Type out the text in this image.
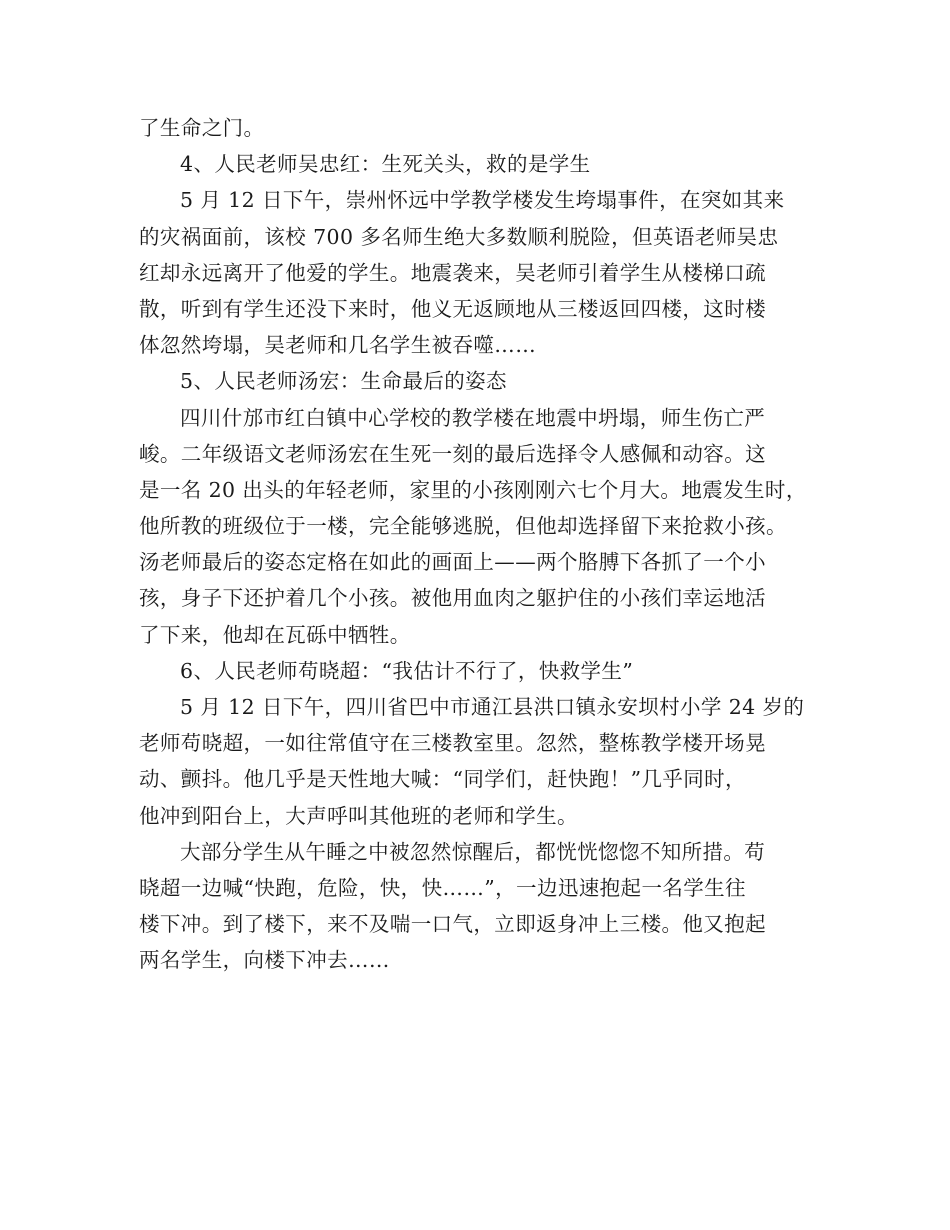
了生命之门。
4、人民老师吴忠红：生死关头，救的是学生
5 月 12 日下午，崇州怀远中学教学楼发生垮塌事件，在突如其来
的灾祸面前，该校 700 多名师生绝大多数顺利脱险，但英语老师吴忠
红却永远离开了他爱的学生。地震袭来，吴老师引着学生从楼梯口疏
散，听到有学生还没下来时，他义无返顾地从三楼返回四楼，这时楼
体忽然垮塌，吴老师和几名学生被吞噬……
5、人民老师汤宏：生命最后的姿态
四川什邡市红白镇中心学校的教学楼在地震中坍塌，师生伤亡严
峻。二年级语文老师汤宏在生死一刻的最后选择令人感佩和动容。这
是一名 20 出头的年轻老师，家里的小孩刚刚六七个月大。地震发生时，
他所教的班级位于一楼，完全能够逃脱，但他却选择留下来抢救小孩。
汤老师最后的姿态定格在如此的画面上——两个胳膊下各抓了一个小
孩，身子下还护着几个小孩。被他用血肉之躯护住的小孩们幸运地活
了下来，他却在瓦砾中牺牲。
6、人民老师苟晓超：“我估计不行了，快救学生”
5 月 12 日下午，四川省巴中市通江县洪口镇永安坝村小学 24 岁的
老师苟晓超，一如往常值守在三楼教室里。忽然，整栋教学楼开场晃
动、颤抖。他几乎是天性地大喊：“同学们，赶快跑！”几乎同时，
他冲到阳台上，大声呼叫其他班的老师和学生。
大部分学生从午睡之中被忽然惊醒后，都恍恍惚惚不知所措。苟
晓超一边喊“快跑，危险，快，快……”，一边迅速抱起一名学生往
楼下冲。到了楼下，来不及喘一口气，立即返身冲上三楼。他又抱起
两名学生，向楼下冲去……
